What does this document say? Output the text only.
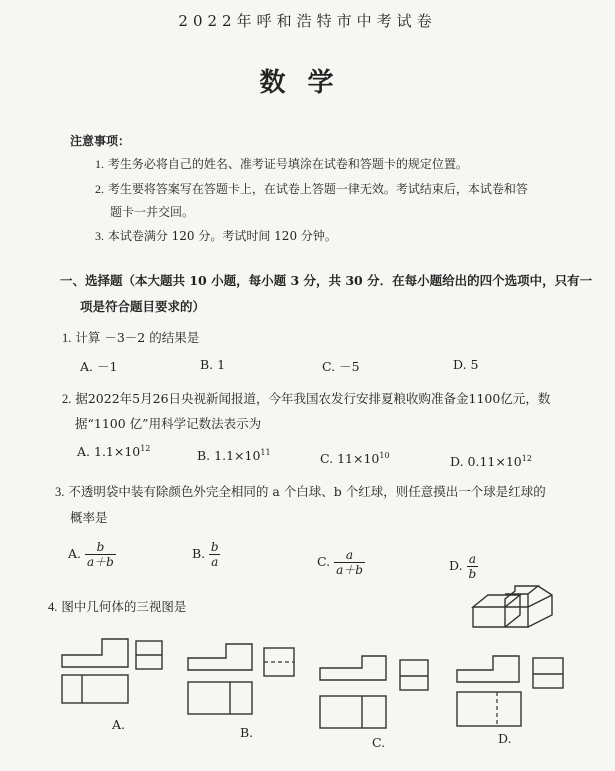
2022年呼和浩特市中考试卷
数学
注意事项：
1. 考生务必将自己的姓名、准考证号填涂在试卷和答题卡的规定位置。
2. 考生要将答案写在答题卡上，在试卷上答题一律无效。考试结束后，本试卷和答
题卡一并交回。
3. 本试卷满分 120 分。考试时间 120 分钟。
一、选择题（本大题共 10 小题，每小题 3 分，共 30 分．在每小题给出的四个选项中，只有一
项是符合题目要求的）
1. 计算 －3－2 的结果是
A. －1	B. 1	C. －5	D. 5
2. 据2022年5月26日央视新闻报道，今年我国农发行安排夏粮收购准备金1100亿元，数
据“1100 亿”用科学记数法表示为
A. $1.1\times 10^{12}$	B. $1.1\times 10^{11}$	C. $11\times 10^{10}$	D. $0.11\times 10^{12}$
3. 不透明袋中装有除颜色外完全相同的 a 个白球、b 个红球，则任意摸出一个球是红球的
概率是
A. $\frac{b}{a+b}$	B. $\frac{b}{a}$	C. $\frac{a}{a+b}$	D. $\frac{a}{b}$
4. 图中几何体的三视图是
A.
B.
C.	D.
